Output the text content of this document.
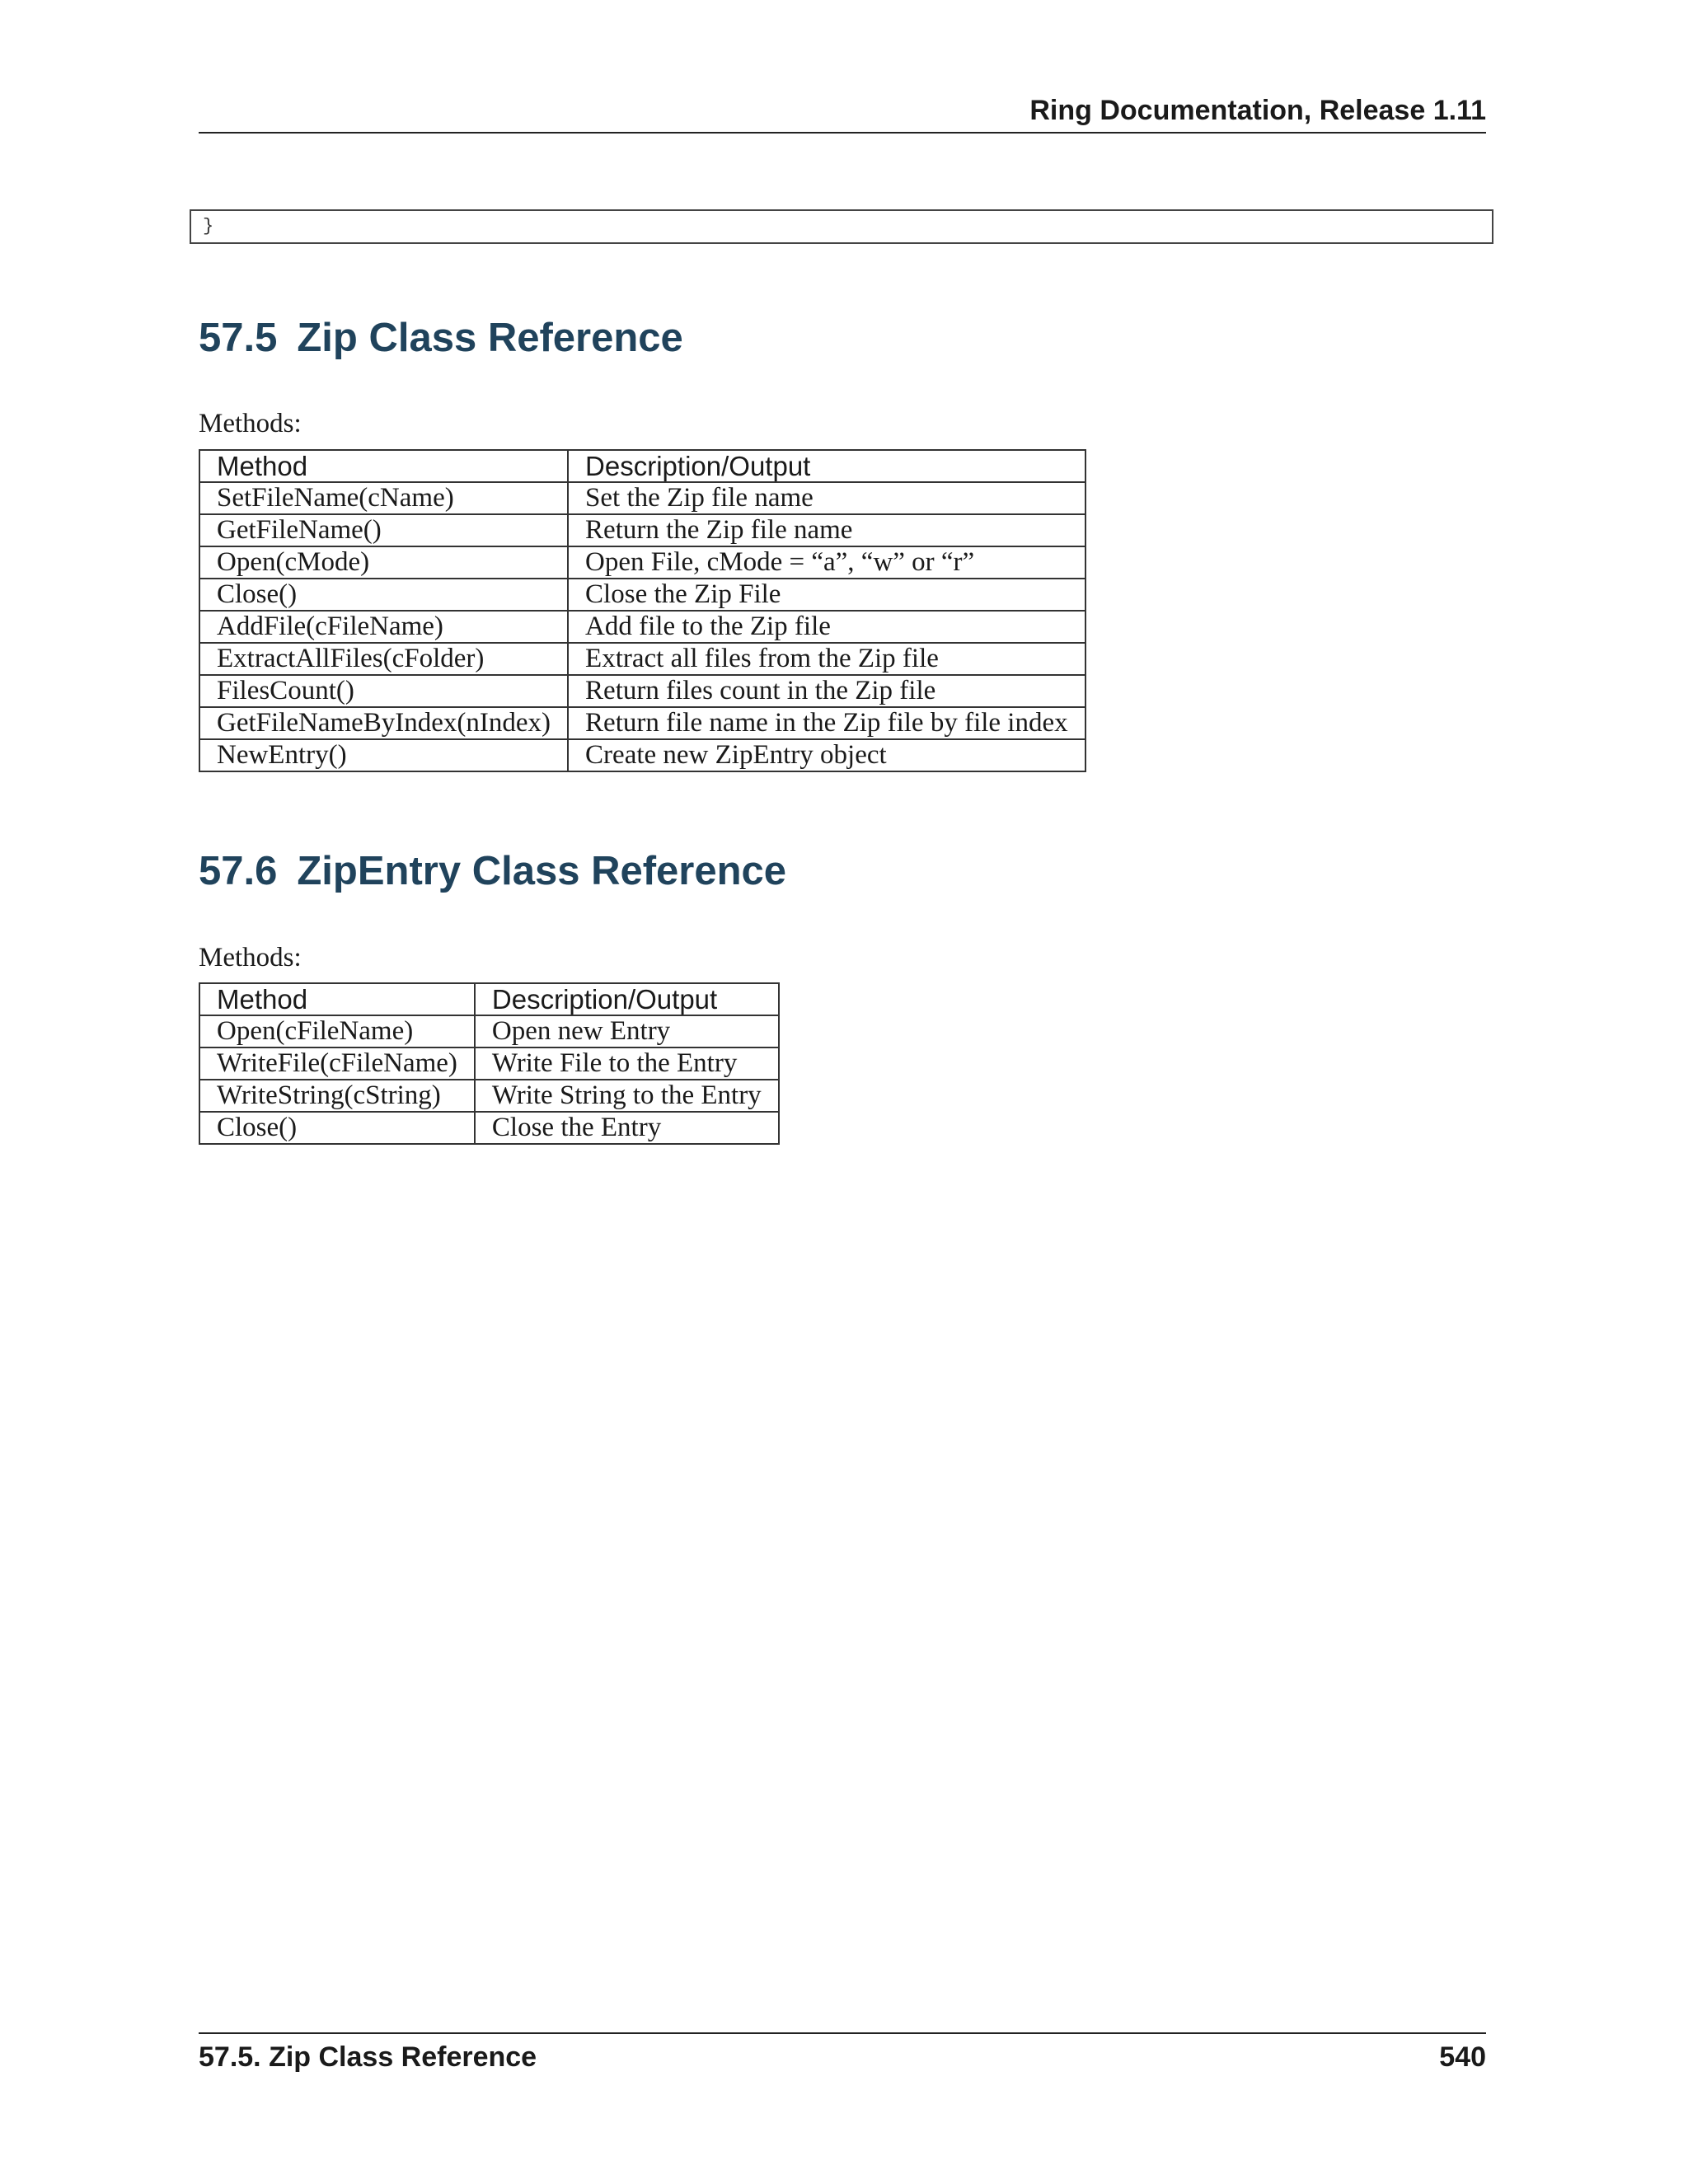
Ring Documentation, Release 1.11
}
57.5 Zip Class Reference
Methods:
Method	Description/Output
SetFileName(cName)	Set the Zip file name
GetFileName()	Return the Zip file name
Open(cMode)	Open File, cMode = “a”, “w” or “r”
Close()	Close the Zip File
AddFile(cFileName)	Add file to the Zip file
ExtractAllFiles(cFolder)	Extract all files from the Zip file
FilesCount()	Return files count in the Zip file
GetFileNameByIndex(nIndex)	Return file name in the Zip file by file index
NewEntry()	Create new ZipEntry object
57.6 ZipEntry Class Reference
Methods:
Method	Description/Output
Open(cFileName)	Open new Entry
WriteFile(cFileName)	Write File to the Entry
WriteString(cString)	Write String to the Entry
Close()	Close the Entry
57.5. Zip Class Reference	540
